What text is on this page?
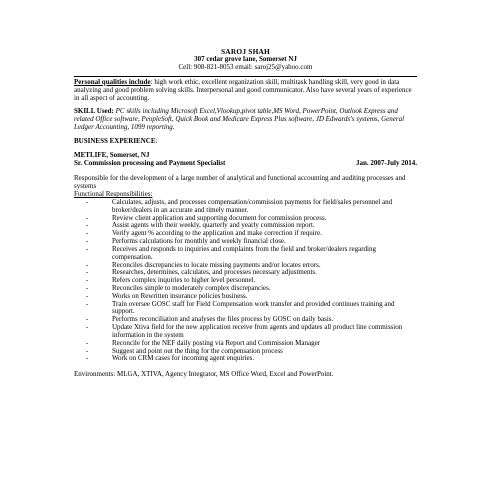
SAROJ SHAH
307 cedar grove lane, Somerset NJ
Cell: 908-821-8053 email: saroj25@yahoo.com

Personal qualities include: high work ethic, excellent organization skill, multitask handling skill, very good in data analyzing and good problem solving skills. Interpersonal and good communicator. Also have several years of experience in all aspect of accounting.

SKILL Used: PC skills including Microsoft Excel,Vlookup,pivot table,MS Word, PowerPoint, Outlook Express and related Office software, PeopleSoft, Quick Book and Medicare Express Plus software, JD Edwards's systems, General Ledger Accounting, 1099 reporting.

BUSINESS EXPERIENCE:

METLIFE, Somerset, NJ

Sr. Commission processing and Payment Specialist	Jan. 2007-July 2014.

Responsible for the development of a large number of analytical and functional accounting and auditing processes and systems

Functional Responsibilities:

- Calculates, adjusts, and processes compensation/commission payments for field/sales personnel and broker/dealers in an accurate and timely manner.
- Review client application and supporting document for commission process.
- Assist agents with their weekly, quarterly and yearly commission report.
- Verify agent % according to the application and make correction if require.
- Performs calculations for monthly and weekly financial close.
- Receives and responds to inquiries and complaints from the field and broker/dealers regarding compensation.
- Reconciles discrepancies to locate missing payments and/or locates errors.
- Researches, determines, calculates, and processes necessary adjustments.
- Refers complex inquiries to higher level personnel.
- Reconciles simple to moderately complex discrepancies.
- Works on Rewritten insurance policies business.
- Train oversee GOSC staff for Field Compensation work transfer and provided continues training and support.
- Performs reconciliation and analyses the files process by GOSC on daily basis.
- Update Xtiva field for the new application receive from agents and updates all product line commission information in the system
- Reconcile for the NEF daily posting via Report and Commission Manager
- Suggest and point out the thing for the compensation process
- Work on CRM cases for incoming agent enquiries.

Environments: MLGA, XTIVA, Agency Integrator, MS Office Word, Excel and PowerPoint.
